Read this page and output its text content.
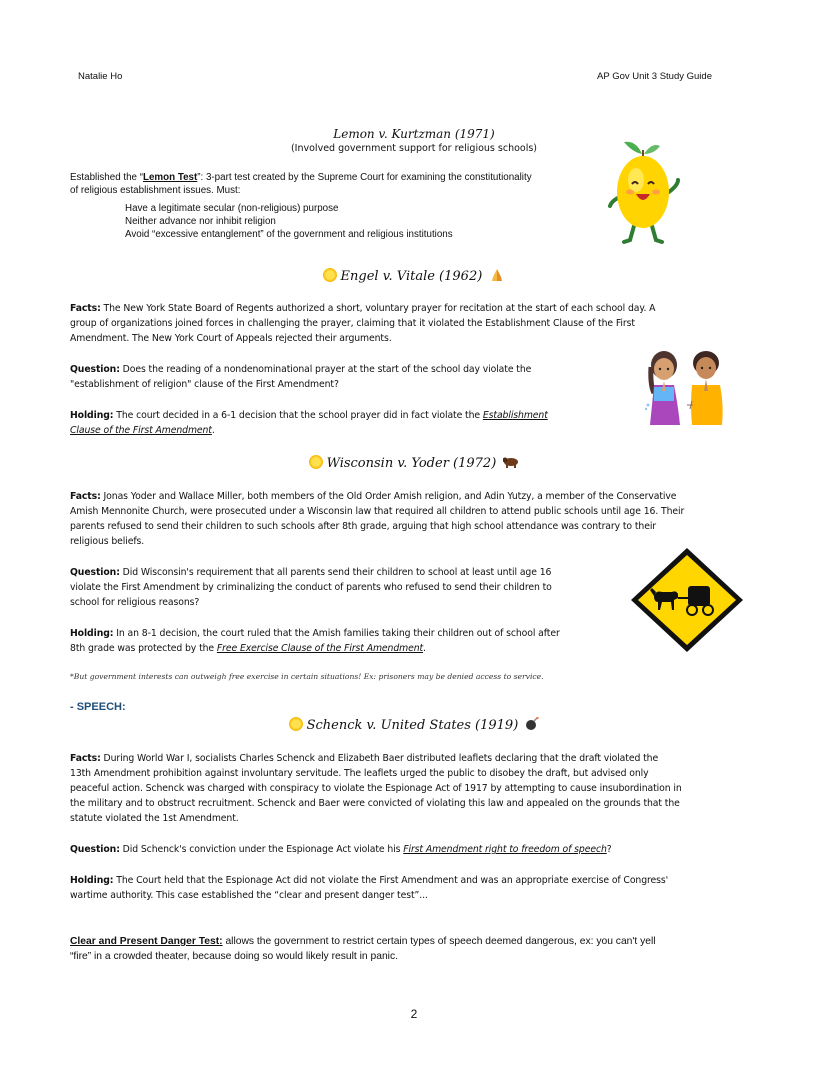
Natalie Ho	AP Gov Unit 3 Study Guide
Lemon v. Kurtzman (1971)
(Involved government support for religious schools)
Established the “Lemon Test”: 3-part test created by the Supreme Court for examining the constitutionality
of religious establishment issues. Must:
Have a legitimate secular (non-religious) purpose
Neither advance nor inhibit religion
Avoid “excessive entanglement” of the government and religious institutions
Engel v. Vitale (1962)
Facts: The New York State Board of Regents authorized a short, voluntary prayer for recitation at the start of each school day. A
group of organizations joined forces in challenging the prayer, claiming that it violated the Establishment Clause of the First
Amendment. The New York Court of Appeals rejected their arguments.
Question: Does the reading of a nondenominational prayer at the start of the school day violate the
"establishment of religion" clause of the First Amendment?
Holding: The court decided in a 6-1 decision that the school prayer did in fact violate the Establishment
Clause of the First Amendment.
Wisconsin v. Yoder (1972)
Facts: Jonas Yoder and Wallace Miller, both members of the Old Order Amish religion, and Adin Yutzy, a member of the Conservative
Amish Mennonite Church, were prosecuted under a Wisconsin law that required all children to attend public schools until age 16. Their
parents refused to send their children to such schools after 8th grade, arguing that high school attendance was contrary to their
religious beliefs.
Question: Did Wisconsin's requirement that all parents send their children to school at least until age 16
violate the First Amendment by criminalizing the conduct of parents who refused to send their children to
school for religious reasons?
Holding: In an 8-1 decision, the court ruled that the Amish families taking their children out of school after
8th grade was protected by the Free Exercise Clause of the First Amendment.
*But government interests can outweigh free exercise in certain situations! Ex: prisoners may be denied access to service.
- SPEECH:
Schenck v. United States (1919)
Facts: During World War I, socialists Charles Schenck and Elizabeth Baer distributed leaflets declaring that the draft violated the
13th Amendment prohibition against involuntary servitude. The leaflets urged the public to disobey the draft, but advised only
peaceful action. Schenck was charged with conspiracy to violate the Espionage Act of 1917 by attempting to cause insubordination in
the military and to obstruct recruitment. Schenck and Baer were convicted of violating this law and appealed on the grounds that the
statute violated the 1st Amendment.
Question: Did Schenck's conviction under the Espionage Act violate his First Amendment right to freedom of speech?
Holding: The Court held that the Espionage Act did not violate the First Amendment and was an appropriate exercise of Congress'
wartime authority. This case established the “clear and present danger test”...
Clear and Present Danger Test: allows the government to restrict certain types of speech deemed dangerous, ex: you can't yell
“fire” in a crowded theater, because doing so would likely result in panic.
2
